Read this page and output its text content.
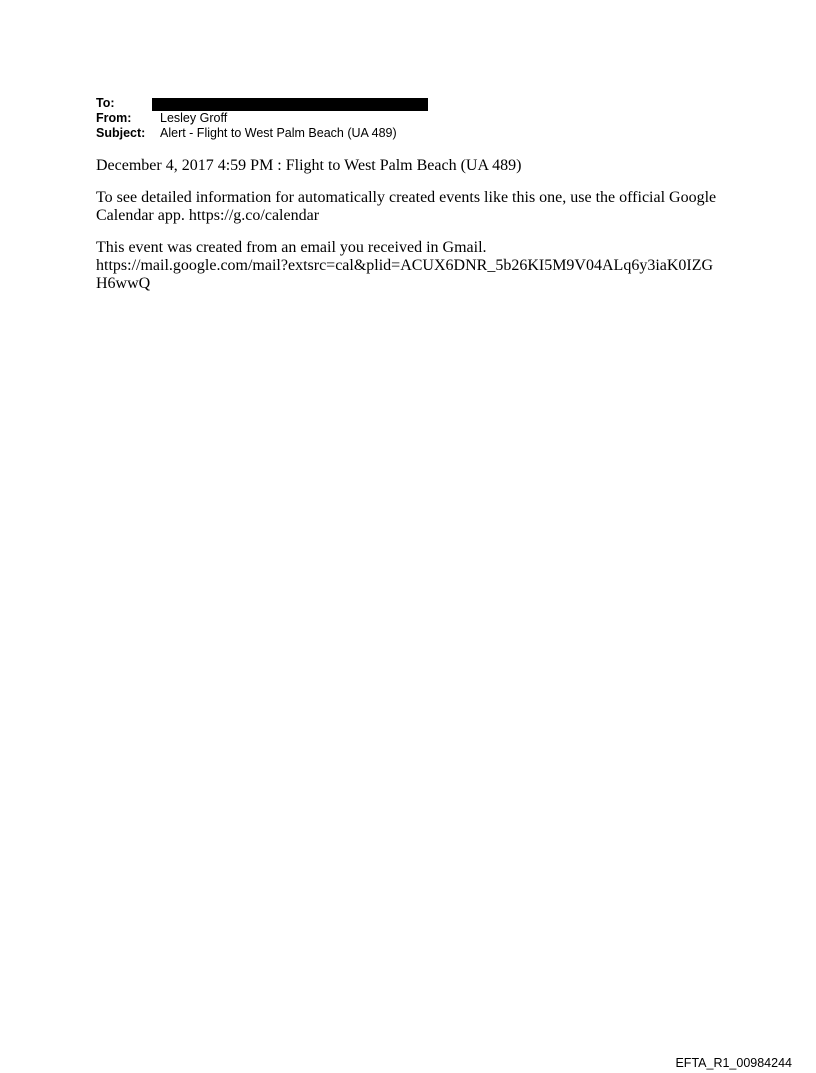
To:
From:	Lesley Groff
Subject:	Alert - Flight to West Palm Beach (UA 489)

December 4, 2017 4:59 PM : Flight to West Palm Beach (UA 489)

To see detailed information for automatically created events like this one, use the official Google Calendar app. https://g.co/calendar

This event was created from an email you received in Gmail.
https://mail.google.com/mail?extsrc=cal&plid=ACUX6DNR_5b26KI5M9V04ALq6y3iaK0IZGH6wwQ

EFTA_R1_00984244
